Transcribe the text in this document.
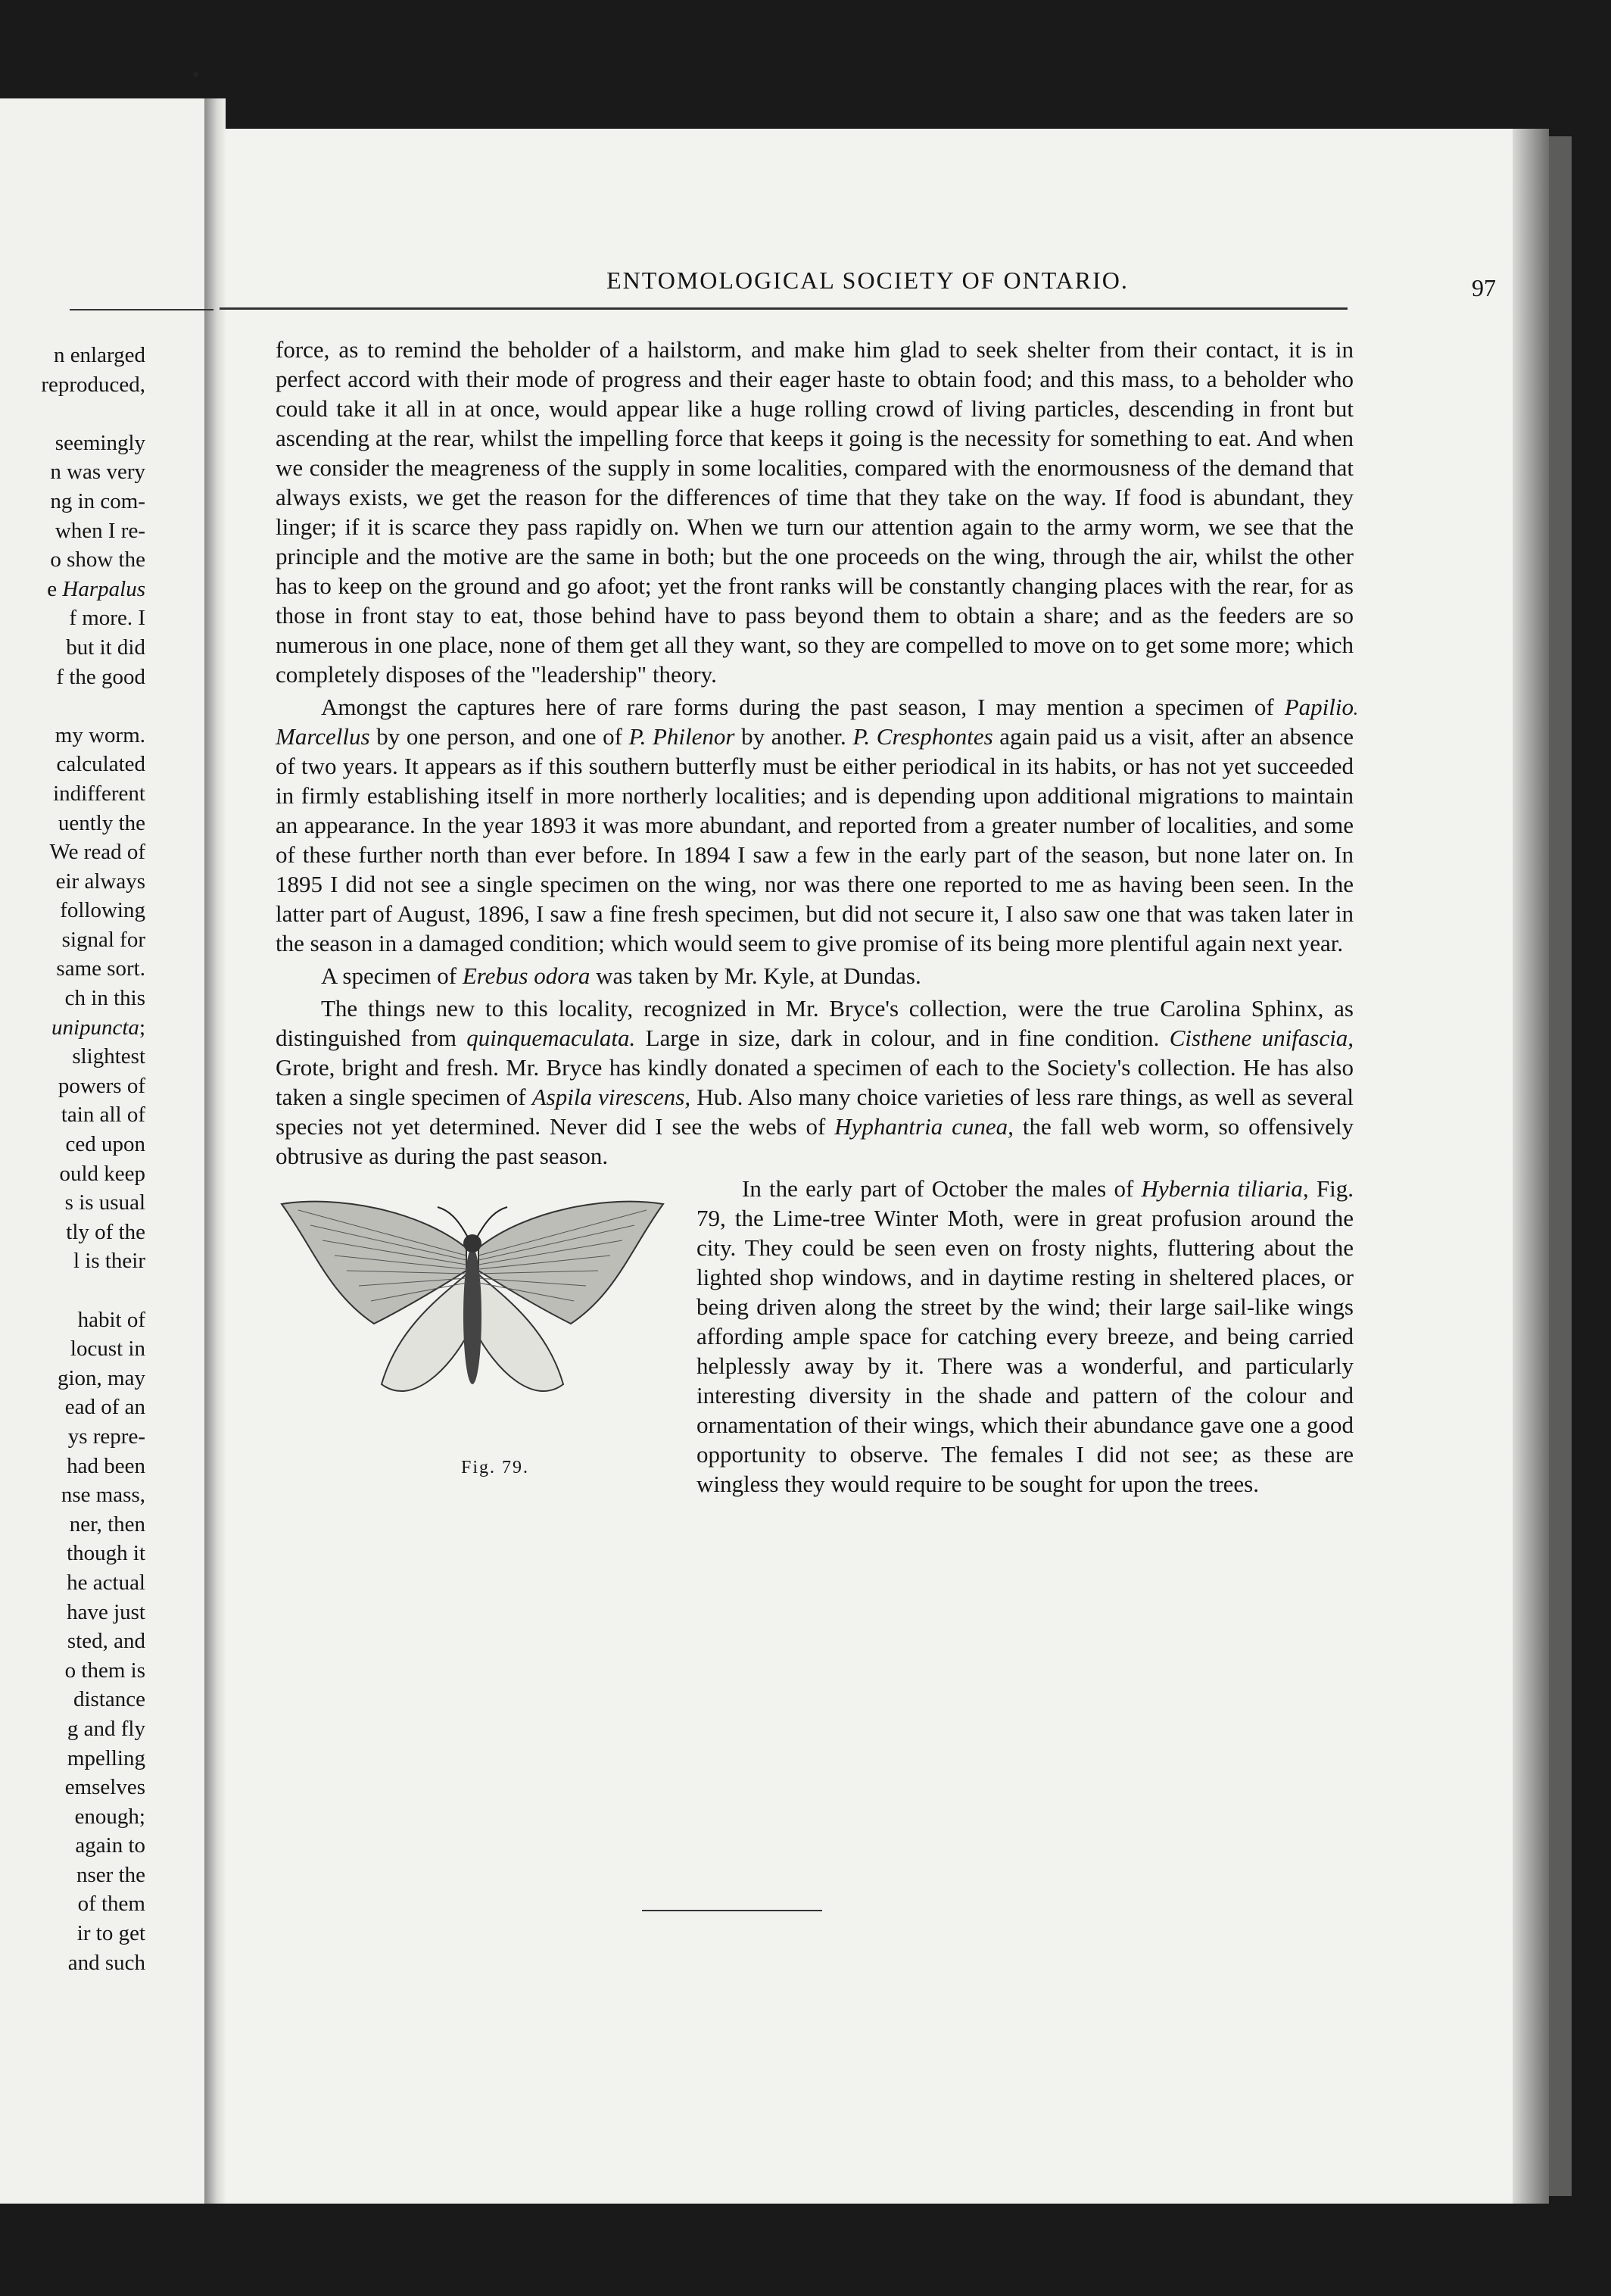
n enlarged
reproduced,
seemingly
n was very
ng in com-
when I re-
o show the
e Harpalus
f more. I
but it did
f the good
my worm.
calculated
indifferent
uently the
We read of
eir always
following
signal for
same sort.
ch in this
unipuncta;
slightest
powers of
tain all of
ced upon
ould keep
s is usual
tly of the
l is their
habit of
locust in
gion, may
ead of an
ys repre-
had been
nse mass,
ner, then
though it
he actual
have just
sted, and
o them is
distance
g and fly
mpelling
emselves
enough;
again to
nser the
of them
ir to get
and such
ENTOMOLOGICAL SOCIETY OF ONTARIO.	97

force, as to remind the beholder of a hailstorm, and make him glad to seek shelter from their contact, it is in perfect accord with their mode of progress and their eager haste to obtain food; and this mass, to a beholder who could take it all in at once, would appear like a huge rolling crowd of living particles, descending in front but ascending at the rear, whilst the impelling force that keeps it going is the necessity for something to eat. And when we consider the meagreness of the supply in some localities, compared with the enormousness of the demand that always exists, we get the reason for the differences of time that they take on the way. If food is abundant, they linger; if it is scarce they pass rapidly on. When we turn our attention again to the army worm, we see that the principle and the motive are the same in both; but the one proceeds on the wing, through the air, whilst the other has to keep on the ground and go afoot; yet the front ranks will be constantly changing places with the rear, for as those in front stay to eat, those behind have to pass beyond them to obtain a share; and as the feeders are so numerous in one place, none of them get all they want, so they are compelled to move on to get some more; which completely disposes of the "leadership" theory.

Amongst the captures here of rare forms during the past season, I may mention a specimen of Papilio Marcellus by one person, and one of P. Philenor by another. P. Cresphontes again paid us a visit, after an absence of two years. It appears as if this southern butterfly must be either periodical in its habits, or has not yet succeeded in firmly establishing itself in more northerly localities; and is depending upon additional migrations to maintain an appearance. In the year 1893 it was more abundant, and reported from a greater number of localities, and some of these further north than ever before. In 1894 I saw a few in the early part of the season, but none later on. In 1895 I did not see a single specimen on the wing, nor was there one reported to me as having been seen. In the latter part of August, 1896, I saw a fine fresh specimen, but did not secure it, I also saw one that was taken later in the season in a damaged condition; which would seem to give promise of its being more plentiful again next year.

A specimen of Erebus odora was taken by Mr. Kyle, at Dundas.

The things new to this locality, recognized in Mr. Bryce's collection, were the true Carolina Sphinx, as distinguished from quinquemaculata. Large in size, dark in colour, and in fine condition. Cisthene unifascia, Grote, bright and fresh. Mr. Bryce has kindly donated a specimen of each to the Society's collection. He has also taken a single specimen of Aspila virescens, Hub. Also many choice varieties of less rare things, as well as several species not yet determined. Never did I see the webs of Hyphantria cunea, the fall web worm, so offensively obtrusive as during the past season.

Fig. 79.
In the early part of October the males of Hybernia tiliaria, Fig. 79, the Lime-tree Winter Moth, were in great profusion around the city. They could be seen even on frosty nights, fluttering about the lighted shop windows, and in daytime resting in sheltered places, or being driven along the street by the wind; their large sail-like wings affording ample space for catching every breeze, and being carried helplessly away by it. There was a wonderful, and particularly interesting diversity in the shade and pattern of the colour and ornamentation of their wings, which their abundance gave one a good opportunity to observe. The females I did not see; as these are wingless they would require to be sought for upon the trees.

•
·
